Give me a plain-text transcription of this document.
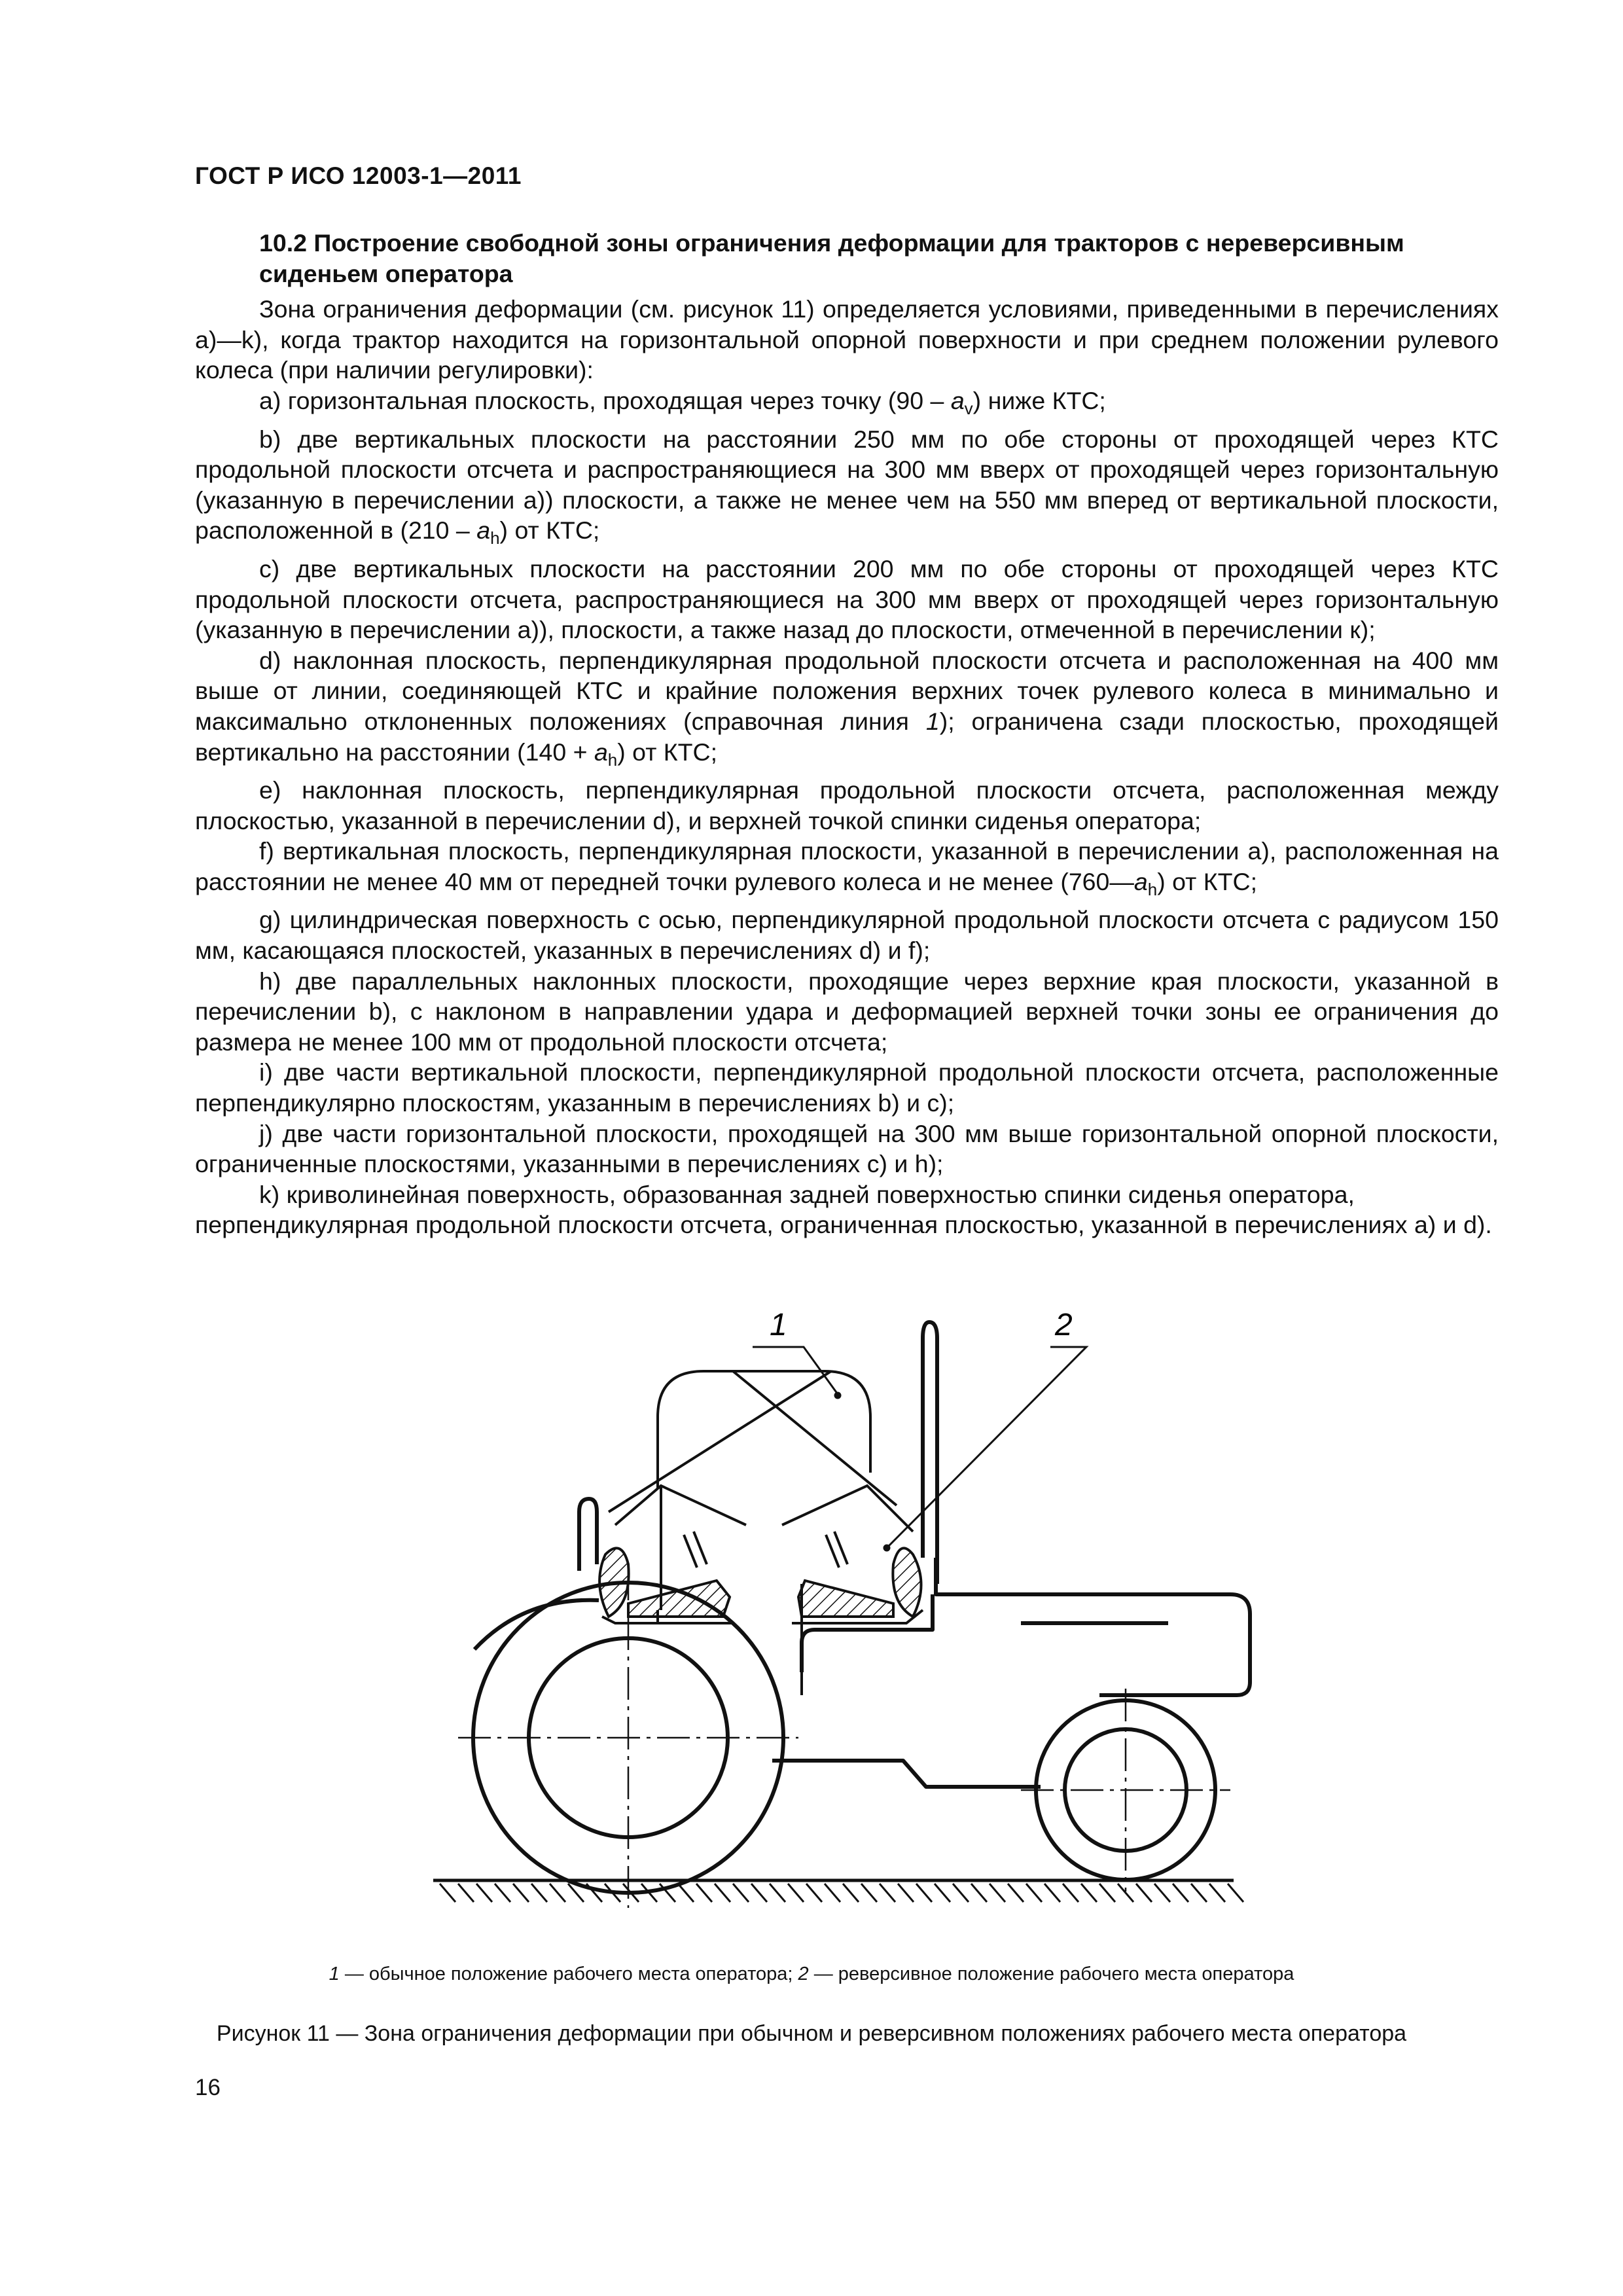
ГОСТ Р ИСО 12003-1—2011

10.2 Построение свободной зоны ограничения деформации для тракторов с нереверсивным сиденьем оператора

Зона ограничения деформации (см. рисунок 11) определяется условиями, приведенными в перечислениях а)—k), когда трактор находится на горизонтальной опорной поверхности и при среднем положении рулевого колеса (при наличии регулировки):

а) горизонтальная плоскость, проходящая через точку $(90 - a_v)$ ниже КТС;

b) две вертикальных плоскости на расстоянии 250 мм по обе стороны от проходящей через КТС продольной плоскости отсчета и распространяющиеся на 300 мм вверх от проходящей через горизонтальную (указанную в перечислении а)) плоскости, а также не менее чем на 550 мм вперед от вертикальной плоскости, расположенной в $(210 - a_h)$ от КТС;

с) две вертикальных плоскости на расстоянии 200 мм по обе стороны от проходящей через КТС продольной плоскости отсчета, распространяющиеся на 300 мм вверх от проходящей через горизонтальную (указанную в перечислении а)), плоскости, а также назад до плоскости, отмеченной в перечислении к);

d) наклонная плоскость, перпендикулярная продольной плоскости отсчета и расположенная на 400 мм выше от линии, соединяющей КТС и крайние положения верхних точек рулевого колеса в минимально и максимально отклоненных положениях (справочная линия 1); ограничена сзади плоскостью, проходящей вертикально на расстоянии $(140 + a_h)$ от КТС;

е) наклонная плоскость, перпендикулярная продольной плоскости отсчета, расположенная между плоскостью, указанной в перечислении d), и верхней точкой спинки сиденья оператора;

f) вертикальная плоскость, перпендикулярная плоскости, указанной в перечислении а), расположенная на расстоянии не менее 40 мм от передней точки рулевого колеса и не менее $(760—a_h)$ от КТС;

g) цилиндрическая поверхность с осью, перпендикулярной продольной плоскости отсчета с радиусом 150 мм, касающаяся плоскостей, указанных в перечислениях d) и f);

h) две параллельных наклонных плоскости, проходящие через верхние края плоскости, указанной в перечислении b), с наклоном в направлении удара и деформацией верхней точки зоны ее ограничения до размера не менее 100 мм от продольной плоскости отсчета;

i) две части вертикальной плоскости, перпендикулярной продольной плоскости отсчета, расположенные перпендикулярно плоскостям, указанным в перечислениях b) и с);

j) две части горизонтальной плоскости, проходящей на 300 мм выше горизонтальной опорной плоскости, ограниченные плоскостями, указанными в перечислениях с) и h);

k) криволинейная поверхность, образованная задней поверхностью спинки сиденья оператора, перпендикулярная продольной плоскости отсчета, ограниченная плоскостью, указанной в перечислениях а) и d).

1	2
1 — обычное положение рабочего места оператора; 2 — реверсивное положение рабочего места оператора
Рисунок 11 — Зона ограничения деформации при обычном и реверсивном положениях рабочего места оператора
16
